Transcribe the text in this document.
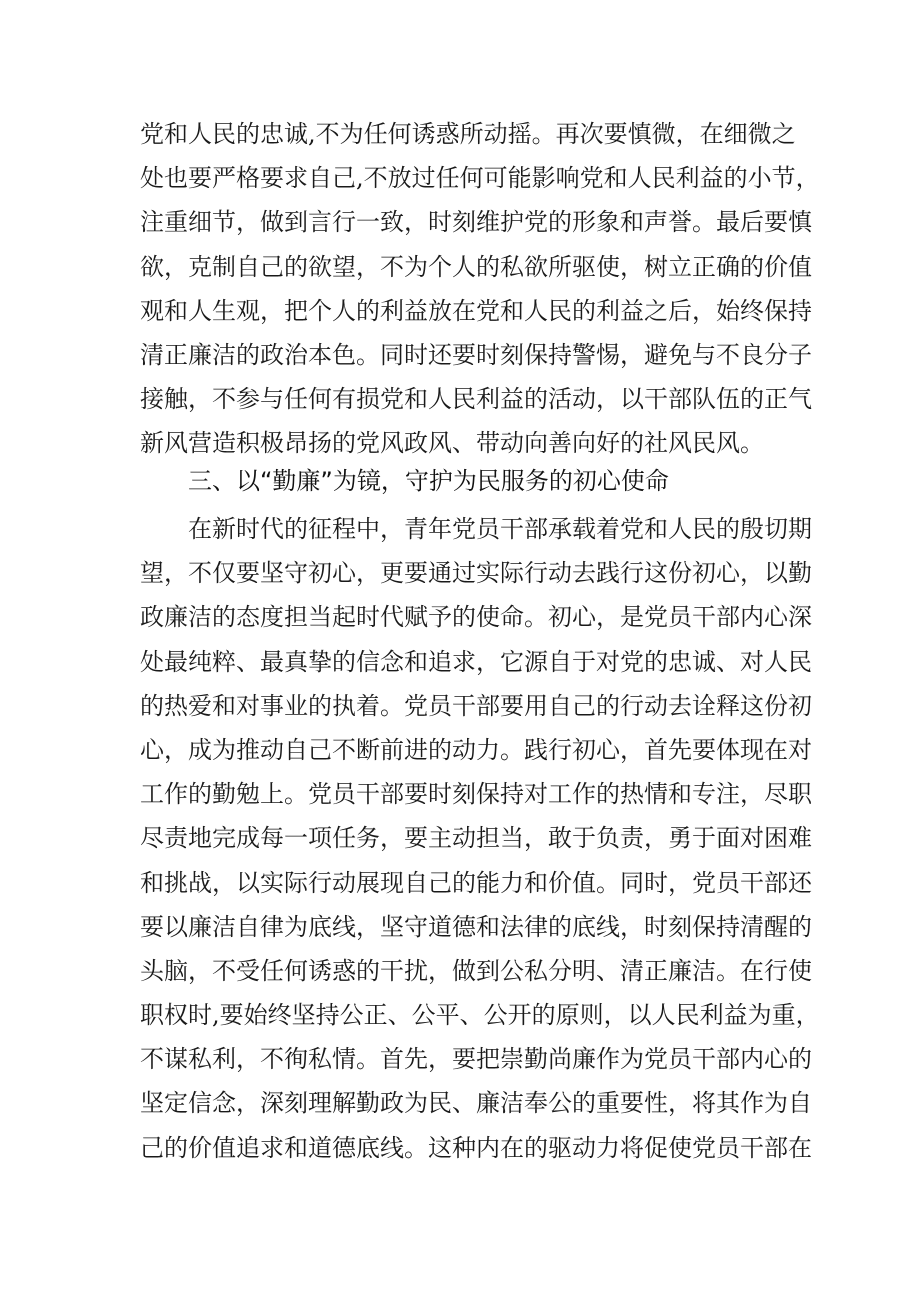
党和人民的忠诚,不为任何诱惑所动摇。再次要慎微，在细微之
处也要严格要求自己,不放过任何可能影响党和人民利益的小节，
注重细节，做到言行一致，时刻维护党的形象和声誉。最后要慎
欲，克制自己的欲望，不为个人的私欲所驱使，树立正确的价值
观和人生观，把个人的利益放在党和人民的利益之后，始终保持
清正廉洁的政治本色。同时还要时刻保持警惕，避免与不良分子
接触，不参与任何有损党和人民利益的活动，以干部队伍的正气
新风营造积极昂扬的党风政风、带动向善向好的社风民风。
三、以“勤廉”为镜，守护为民服务的初心使命
在新时代的征程中，青年党员干部承载着党和人民的殷切期
望，不仅要坚守初心，更要通过实际行动去践行这份初心，以勤
政廉洁的态度担当起时代赋予的使命。初心，是党员干部内心深
处最纯粹、最真挚的信念和追求，它源自于对党的忠诚、对人民
的热爱和对事业的执着。党员干部要用自己的行动去诠释这份初
心，成为推动自己不断前进的动力。践行初心，首先要体现在对
工作的勤勉上。党员干部要时刻保持对工作的热情和专注，尽职
尽责地完成每一项任务，要主动担当，敢于负责，勇于面对困难
和挑战，以实际行动展现自己的能力和价值。同时，党员干部还
要以廉洁自律为底线，坚守道德和法律的底线，时刻保持清醒的
头脑，不受任何诱惑的干扰，做到公私分明、清正廉洁。在行使
职权时,要始终坚持公正、公平、公开的原则，以人民利益为重，
不谋私利，不徇私情。首先，要把崇勤尚廉作为党员干部内心的
坚定信念，深刻理解勤政为民、廉洁奉公的重要性，将其作为自
己的价值追求和道德底线。这种内在的驱动力将促使党员干部在
